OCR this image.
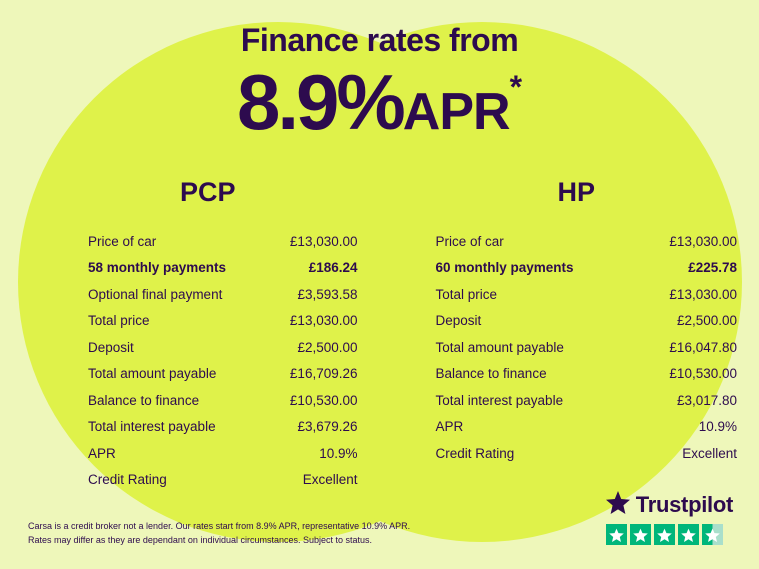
Finance rates from
8.9%APR*
PCP
Price of car	£13,030.00
58 monthly payments	£186.24
Optional final payment	£3,593.58
Total price	£13,030.00
Deposit	£2,500.00
Total amount payable	£16,709.26
Balance to finance	£10,530.00
Total interest payable	£3,679.26
APR	10.9%
Credit Rating	Excellent
HP
Price of car	£13,030.00
60 monthly payments	£225.78
Total price	£13,030.00
Deposit	£2,500.00
Total amount payable	£16,047.80
Balance to finance	£10,530.00
Total interest payable	£3,017.80
APR	10.9%
Credit Rating	Excellent
Carsa is a credit broker not a lender. Our rates start from 8.9% APR, representative 10.9% APR.
Rates may differ as they are dependant on individual circumstances. Subject to status.
Trustpilot
